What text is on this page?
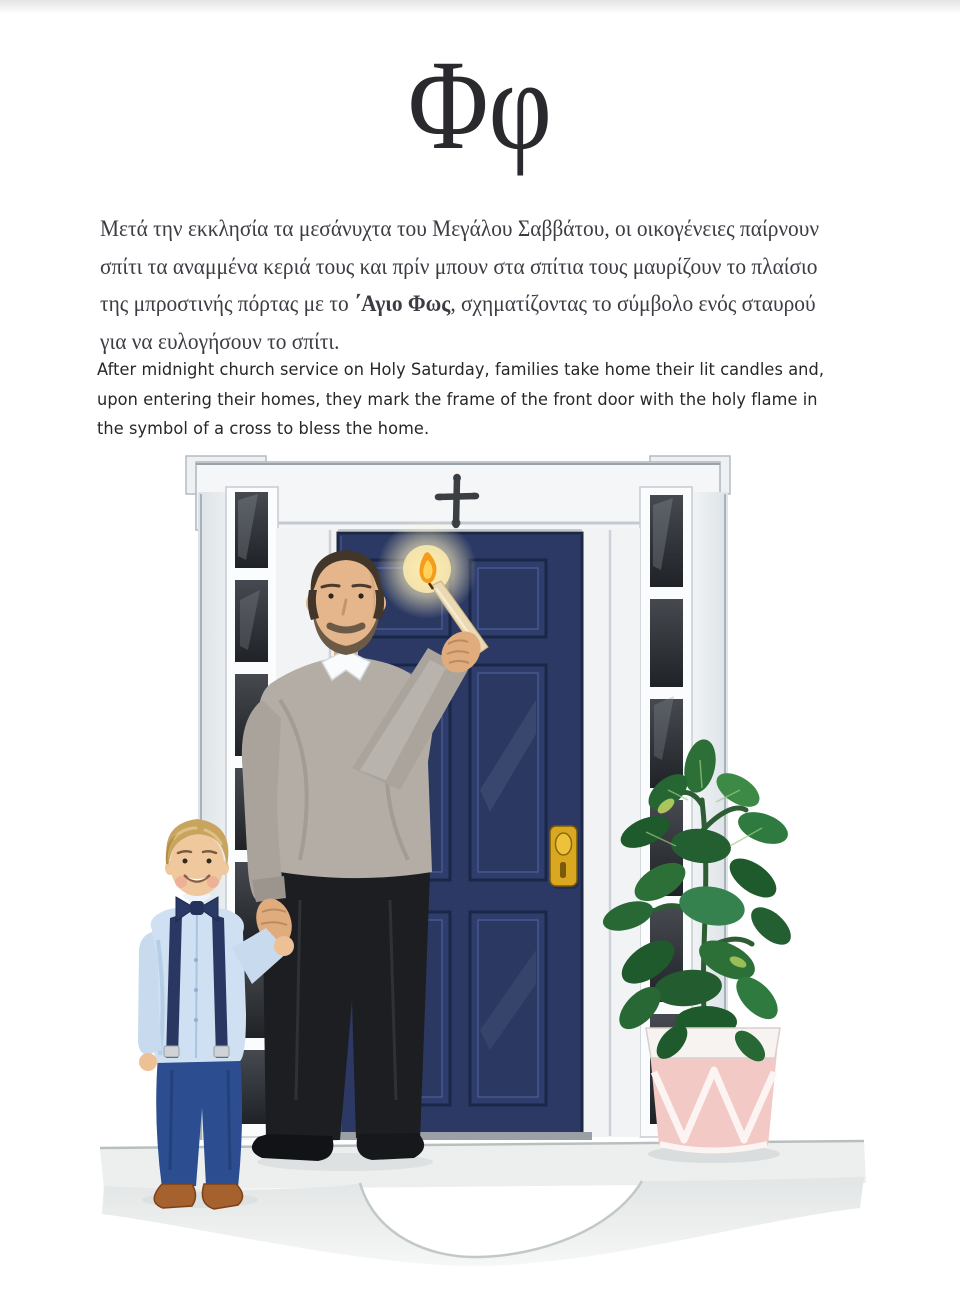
Φφ
Μετά την εκκλησία τα μεσάνυχτα του Μεγάλου Σαββάτου, οι οικογένειες παίρνουν
σπίτι τα αναμμένα κεριά τους και πρίν μπουν στα σπίτια τους μαυρίζουν το πλαίσιο
της μπροστινής πόρτας με το ΄Αγιο Φως, σχηματίζοντας το σύμβολο ενός σταυρού
για να ευλογήσουν το σπίτι.
After midnight church service on Holy Saturday, families take home their lit candles and,
upon entering their homes, they mark the frame of the front door with the holy flame in
the symbol of a cross to bless the home.
